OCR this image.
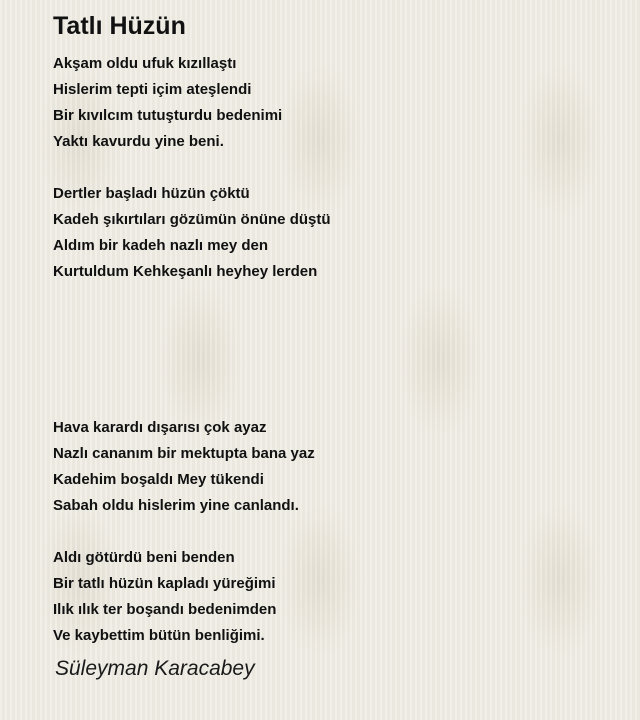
Tatlı Hüzün
Akşam oldu ufuk kızıllaştı
Hislerim tepti içim ateşlendi
Bir kıvılcım tutuşturdu bedenimi
Yaktı kavurdu yine beni.
Dertler başladı hüzün çöktü
Kadeh şıkırtıları gözümün önüne düştü
Aldım bir kadeh nazlı mey den
Kurtuldum Kehkeşanlı heyhey lerden
Hava karardı dışarısı çok ayaz
Nazlı cananım bir mektupta bana yaz
Kadehim boşaldı Mey tükendi
Sabah oldu hislerim yine canlandı.
Aldı götürdü beni benden
Bir tatlı hüzün kapladı yüreğimi
Ilık ılık ter boşandı bedenimden
Ve kaybettim bütün benliğimi.
Süleyman Karacabey
